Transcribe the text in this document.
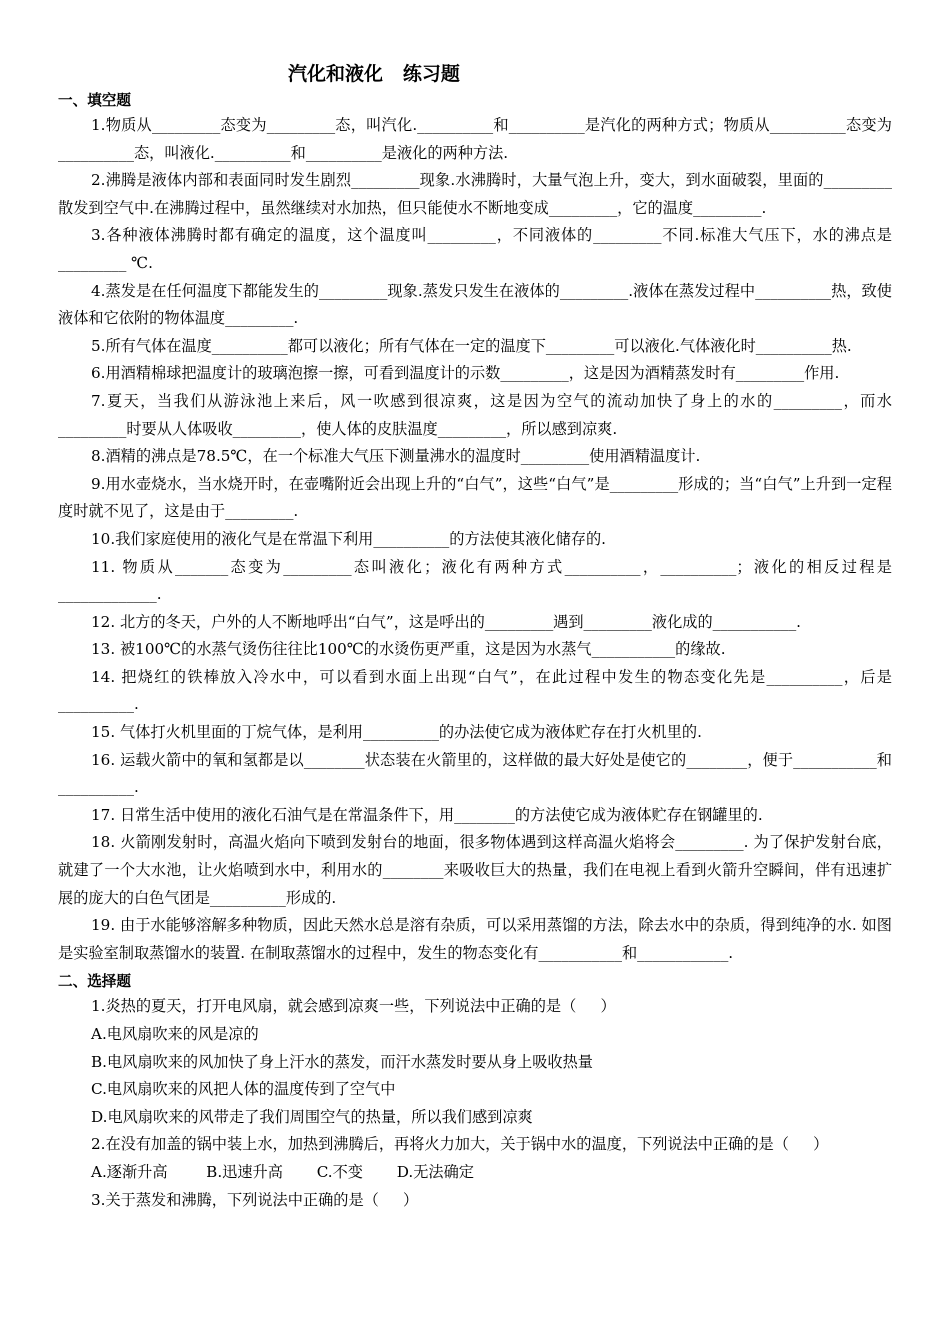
汽化和液化   练习题
一、填空题

1.物质从_________态变为_________态，叫汽化.__________和__________是汽化的两种方式；物质从__________态变为__________态，叫液化.__________和__________是液化的两种方法.

2.沸腾是液体内部和表面同时发生剧烈_________现象.水沸腾时，大量气泡上升，变大，到水面破裂，里面的_________散发到空气中.在沸腾过程中，虽然继续对水加热，但只能使水不断地变成_________，它的温度_________.

3.各种液体沸腾时都有确定的温度，这个温度叫_________，不同液体的_________不同.标准大气压下，水的沸点是_________ ℃.

4.蒸发是在任何温度下都能发生的_________现象.蒸发只发生在液体的_________.液体在蒸发过程中__________热，致使液体和它依附的物体温度_________.

5.所有气体在温度__________都可以液化；所有气体在一定的温度下_________可以液化.气体液化时__________热.

6.用酒精棉球把温度计的玻璃泡擦一擦，可看到温度计的示数_________，这是因为酒精蒸发时有_________作用.

7.夏天，当我们从游泳池上来后，风一吹感到很凉爽，这是因为空气的流动加快了身上的水的_________，而水_________时要从人体吸收_________，使人体的皮肤温度_________，所以感到凉爽.

8.酒精的沸点是78.5℃，在一个标准大气压下测量沸水的温度时_________使用酒精温度计.

9.用水壶烧水，当水烧开时，在壶嘴附近会出现上升的“白气”，这些“白气”是_________形成的；当“白气”上升到一定程度时就不见了，这是由于_________.

10.我们家庭使用的液化气是在常温下利用__________的方法使其液化储存的.

11. 物质从_______态变为_________态叫液化；液化有两种方式__________，__________；液化的相反过程是_____________.

12. 北方的冬天，户外的人不断地呼出“白气”，这是呼出的_________遇到_________液化成的___________.

13. 被100℃的水蒸气烫伤往往比100℃的水烫伤更严重，这是因为水蒸气___________的缘故.

14. 把烧红的铁棒放入冷水中，可以看到水面上出现“白气”，在此过程中发生的物态变化先是__________，后是__________.

15. 气体打火机里面的丁烷气体，是利用__________的办法使它成为液体贮存在打火机里的.

16. 运载火箭中的氧和氢都是以________状态装在火箭里的，这样做的最大好处是使它的________，便于___________和__________.

17. 日常生活中使用的液化石油气是在常温条件下，用________的方法使它成为液体贮存在钢罐里的.

18. 火箭刚发射时，高温火焰向下喷到发射台的地面，很多物体遇到这样高温火焰将会_________. 为了保护发射台底，就建了一个大水池，让火焰喷到水中，利用水的________来吸收巨大的热量，我们在电视上看到火箭升空瞬间，伴有迅速扩展的庞大的白色气团是__________形成的.

19. 由于水能够溶解多种物质，因此天然水总是溶有杂质，可以采用蒸馏的方法，除去水中的杂质，得到纯净的水. 如图是实验室制取蒸馏水的装置. 在制取蒸馏水的过程中，发生的物态变化有___________和____________.

二、选择题

1.炎热的夏天，打开电风扇，就会感到凉爽一些，下列说法中正确的是（     ）

A.电风扇吹来的风是凉的

B.电风扇吹来的风加快了身上汗水的蒸发，而汗水蒸发时要从身上吸收热量

C.电风扇吹来的风把人体的温度传到了空气中

D.电风扇吹来的风带走了我们周围空气的热量，所以我们感到凉爽

2.在没有加盖的锅中装上水，加热到沸腾后，再将火力加大，关于锅中水的温度，下列说法中正确的是（     ）

A.逐渐升高        B.迅速升高       C.不变       D.无法确定

3.关于蒸发和沸腾，下列说法中正确的是（     ）
